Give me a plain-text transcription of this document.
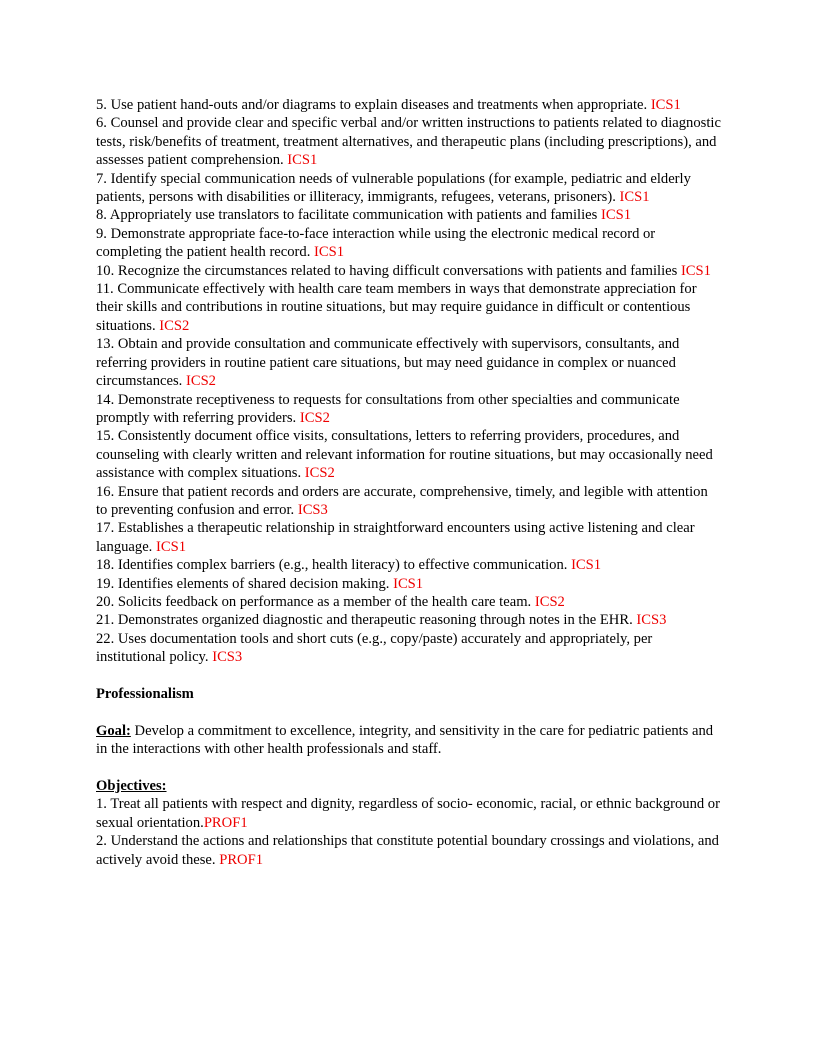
5. Use patient hand-outs and/or diagrams to explain diseases and treatments when appropriate. ICS1

6. Counsel and provide clear and specific verbal and/or written instructions to patients related to diagnostic tests, risk/benefits of treatment, treatment alternatives, and therapeutic plans (including prescriptions), and assesses patient comprehension. ICS1

7. Identify special communication needs of vulnerable populations (for example, pediatric and elderly patients, persons with disabilities or illiteracy, immigrants, refugees, veterans, prisoners). ICS1

8. Appropriately use translators to facilitate communication with patients and families ICS1

9. Demonstrate appropriate face-to-face interaction while using the electronic medical record or completing the patient health record. ICS1

10. Recognize the circumstances related to having difficult conversations with patients and families ICS1

11. Communicate effectively with health care team members in ways that demonstrate appreciation for their skills and contributions in routine situations, but may require guidance in difficult or contentious situations. ICS2

13. Obtain and provide consultation and communicate effectively with supervisors, consultants, and referring providers in routine patient care situations, but may need guidance in complex or nuanced circumstances. ICS2

14. Demonstrate receptiveness to requests for consultations from other specialties and communicate promptly with referring providers. ICS2

15. Consistently document office visits, consultations, letters to referring providers, procedures, and counseling with clearly written and relevant information for routine situations, but may occasionally need assistance with complex situations. ICS2

16. Ensure that patient records and orders are accurate, comprehensive, timely, and legible with attention to preventing confusion and error. ICS3

17. Establishes a therapeutic relationship in straightforward encounters using active listening and clear language. ICS1

18. Identifies complex barriers (e.g., health literacy) to effective communication. ICS1

19. Identifies elements of shared decision making. ICS1

20. Solicits feedback on performance as a member of the health care team. ICS2

21. Demonstrates organized diagnostic and therapeutic reasoning through notes in the EHR. ICS3

22. Uses documentation tools and short cuts (e.g., copy/paste) accurately and appropriately, per institutional policy. ICS3

Professionalism

Goal: Develop a commitment to excellence, integrity, and sensitivity in the care for pediatric patients and in the interactions with other health professionals and staff.

Objectives:

1. Treat all patients with respect and dignity, regardless of socio- economic, racial, or ethnic background or sexual orientation.PROF1

2. Understand the actions and relationships that constitute potential boundary crossings and violations, and actively avoid these. PROF1
